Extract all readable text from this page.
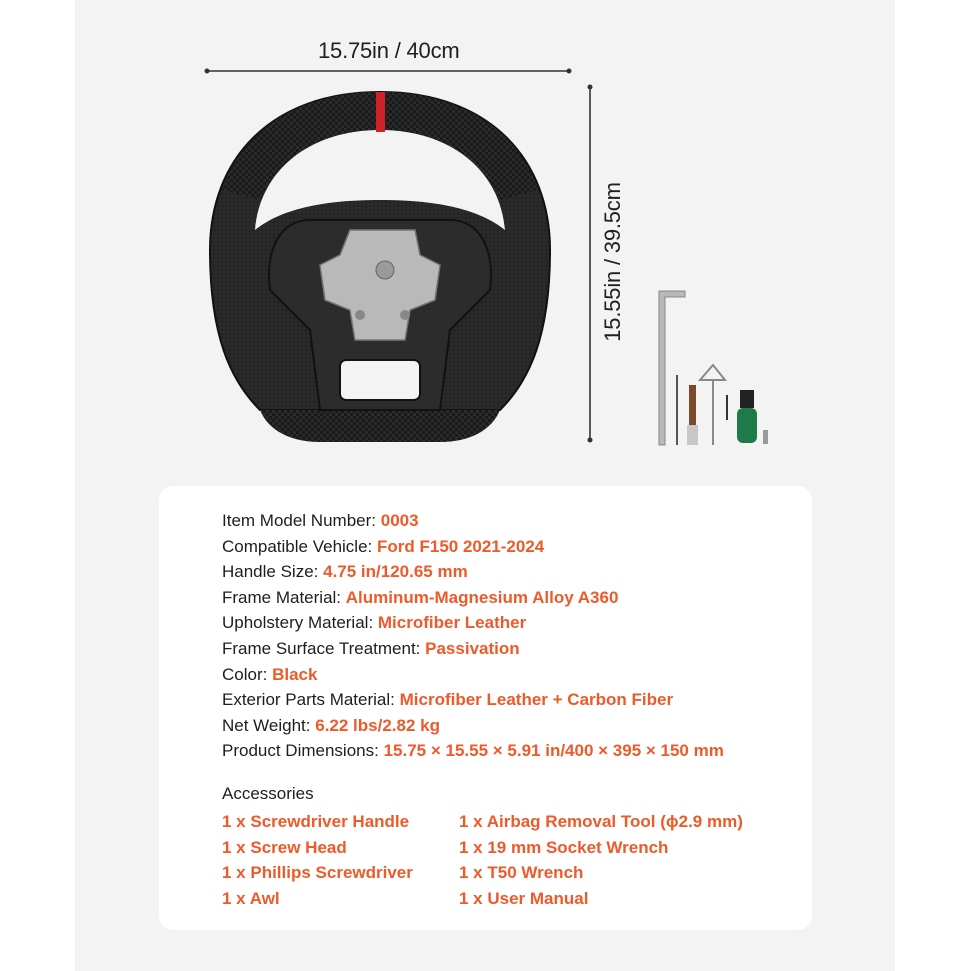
15.75in / 40cm
15.55in / 39.5cm
Item Model Number: 0003
Compatible Vehicle: Ford F150 2021-2024
Handle Size: 4.75 in/120.65 mm
Frame Material: Aluminum-Magnesium Alloy A360
Upholstery Material: Microfiber Leather
Frame Surface Treatment: Passivation
Color: Black
Exterior Parts Material: Microfiber Leather + Carbon Fiber
Net Weight: 6.22 lbs/2.82 kg
Product Dimensions: 15.75 × 15.55 × 5.91 in/400 × 395 × 150 mm
Accessories
1 x Screwdriver Handle
1 x Screw Head
1 x Phillips Screwdriver
1 x Awl
1 x Airbag Removal Tool (ϕ2.9 mm)
1 x 19 mm Socket Wrench
1 x T50 Wrench
1 x User Manual
